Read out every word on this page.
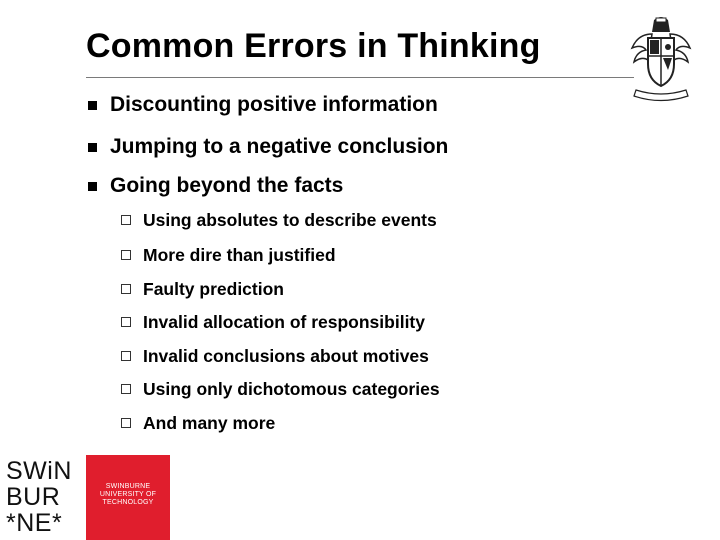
Common Errors in Thinking
Discounting positive information
Jumping to a negative conclusion
Going beyond the facts
Using absolutes to describe events
More dire than justified
Faulty prediction
Invalid allocation of responsibility
Invalid conclusions about motives
Using only dichotomous categories
And many more
SWiN
BUR
*NE*
SWINBURNE
UNIVERSITY OF
TECHNOLOGY
